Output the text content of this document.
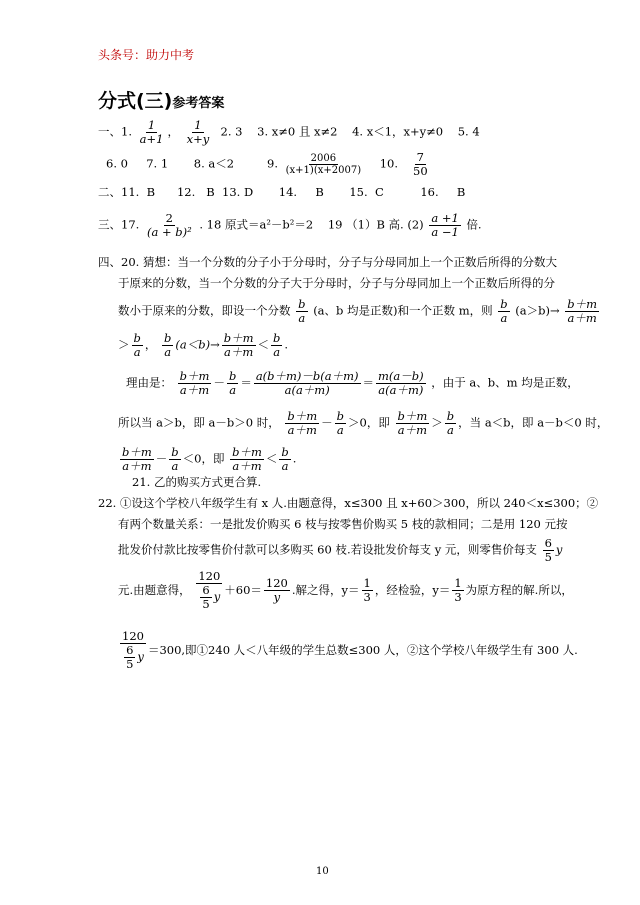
头条号：助力中考
分式(三)参考答案
一、1. $\frac{1}{a+1}$ ， $\frac{1}{x+y} 2$. 3 3. x≠0 且 x≠2 4. x＜1，x+y≠0 5. 4
6. 0 7. 1 8. a＜2	9. $\frac{2006}{(x+1)(x+2007)} 10$. $\frac{7}{50}$
二、11.  B      12.   B  13. D       14.     B       15.  C          16.     B
三、17. $\frac{2}{\text{(a + b)²}}$ . 18 原式＝a²－b²＝2 19 （1）B 高. $(2) \frac{a +1}{a -1}$ 倍.
四、20. 猜想：当一个分数的分子小于分母时，分子与分母同加上一个正数后所得的分数大
于原来的分数，当一个分数的分子大于分母时，分子与分母同加上一个正数后所得的分
数小于原来的分数，即设一个分数 $\frac{b}{a} (a$、b 均是正数)和一个正数 m，则 $\frac{b}{a} (a>b)\to \frac{b+m}{a+m}$
＞ $\frac{b}{a}$ ， $\frac{b}{a} (a<b)\to \frac{b+m}{a+m} < \frac{b}{a}$ .
理由是： $\frac{b+m}{a+m} - \frac{b}{a} = \frac{a(b+m)-b(a+m)}{a(a+m)} = \frac{m(a-b)}{a(a+m)}$ ，由于 a、b、m 均是正数，
所以当 a＞b，即 a－b＞0 时， $\frac{b+m}{a+m} - \frac{b}{a} >0$，即 $\frac{b+m}{a+m} > \frac{b}{a}$ ，当 a＜b，即 a－b＜0 时，
$\frac{b+m}{a+m} - \frac{b}{a} <0$，即 $\frac{b+m}{a+m} < \frac{b}{a}$ .
21. 乙的购买方式更合算.
22. ①设这个学校八年级学生有 x 人.由题意得，x≤300 且 x+60＞300，所以 240＜x≤300；②
有两个数量关系：一是批发价购买 6 枝与按零售价购买 5 枝的款相同；二是用 120 元按
批发价付款比按零售价付款可以多购买 60 枝.若设批发价每支 y 元，则零售价每支 $\frac{6}{5}$ y
元.由题意得， $\frac{120}{\frac{6}{5} y} +60= \frac{120}{y}$ .解之得，$y= \frac{1}{3}$ ，经检验，$y= \frac{1}{3}$ 为原方程的解.所以，
$\frac{120}{\frac{6}{5} y} =300$,即①240 人＜八年级的学生总数≤300 人，②这个学校八年级学生有 300 人.
10
